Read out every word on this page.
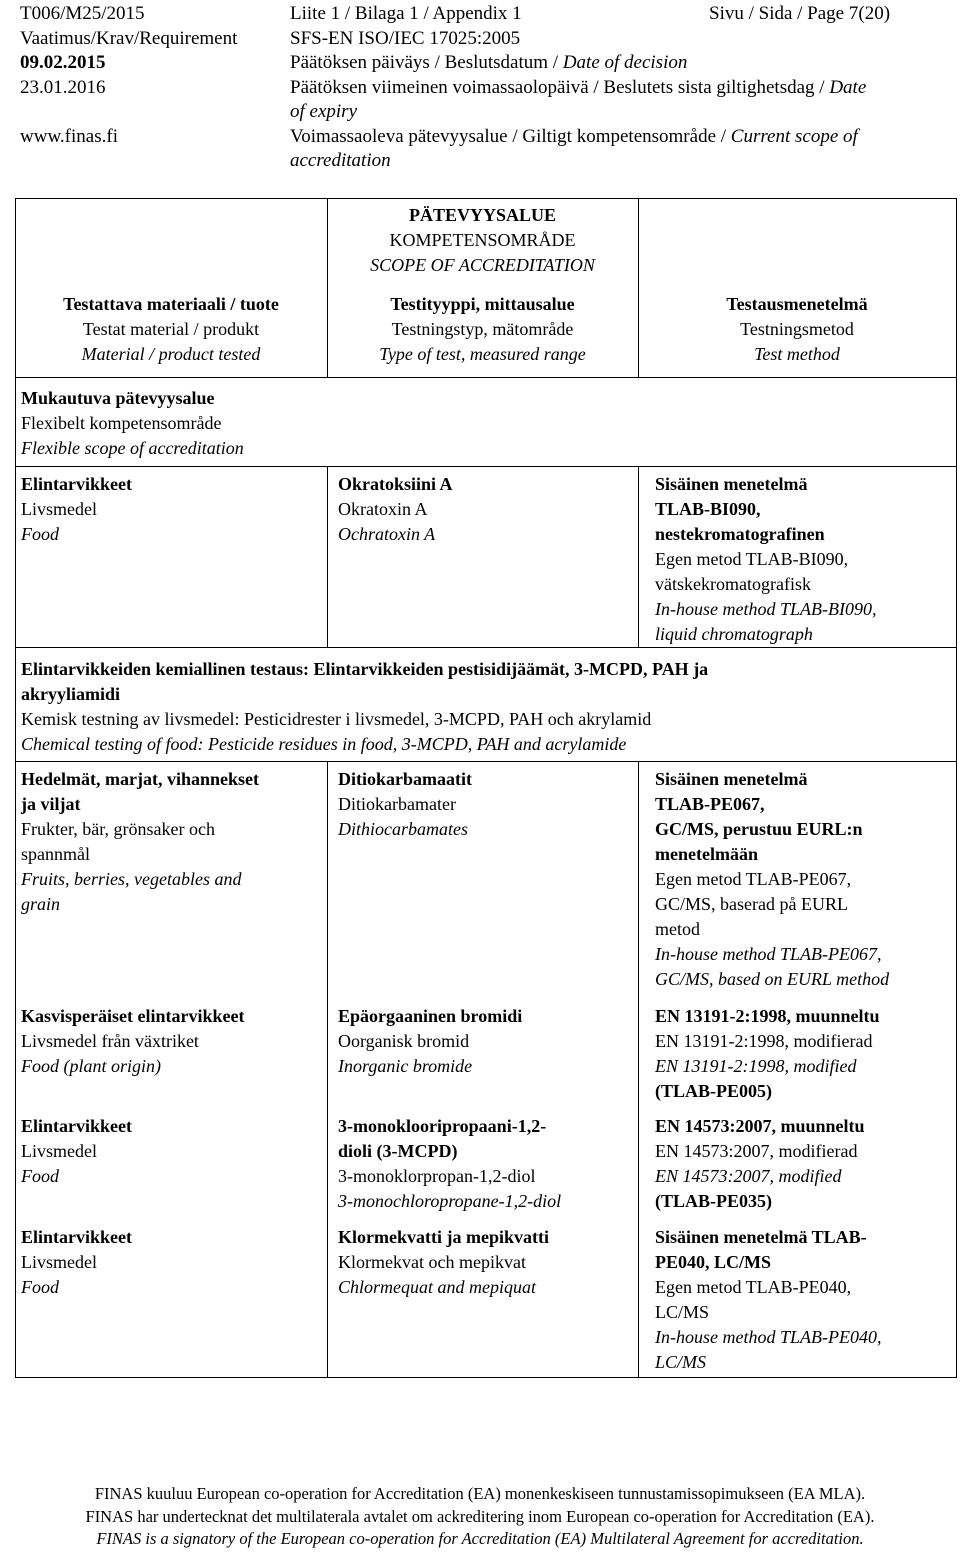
T006/M25/2015
Vaatimus/Krav/Requirement
09.02.2015
23.01.2016

www.finas.fi
Liite 1 / Bilaga 1 / Appendix 1
SFS-EN ISO/IEC 17025:2005
Päätöksen päiväys / Beslutsdatum / Date of decision
Päätöksen viimeinen voimassaolopäivä / Beslutets sista giltighetsdag / Date
of expiry
Voimassaoleva pätevyysalue / Giltigt kompetensområde / Current scope of
accreditation
Sivu / Sida / Page 7(20)
PÄTEVYYSALUE
KOMPETENSOMRÅDE
SCOPE OF ACCREDITATION
Testattava materiaali / tuote
Testat material / produkt
Material / product tested
Testityyppi, mittausalue
Testningstyp, mätområde
Type of test, measured range
Testausmenetelmä
Testningsmetod
Test method
Mukautuva pätevyysalue
Flexibelt kompetensområde
Flexible scope of accreditation
Elintarvikkeet
Livsmedel
Food
Okratoksiini A
Okratoxin A
Ochratoxin A
Sisäinen menetelmä
TLAB-BI090,
nestekromatografinen
Egen metod TLAB-BI090,
vätskekromatografisk
In-house method TLAB-BI090,
liquid chromatograph
Elintarvikkeiden kemiallinen testaus: Elintarvikkeiden pestisidijäämät, 3-MCPD, PAH ja
akryyliamidi
Kemisk testning av livsmedel: Pesticidrester i livsmedel, 3-MCPD, PAH och akrylamid
Chemical testing of food: Pesticide residues in food, 3-MCPD, PAH and acrylamide
Hedelmät, marjat, vihannekset
ja viljat
Frukter, bär, grönsaker och
spannmål
Fruits, berries, vegetables and
grain
Ditiokarbamaatit
Ditiokarbamater
Dithiocarbamates
Sisäinen menetelmä
TLAB-PE067,
GC/MS, perustuu EURL:n
menetelmään
Egen metod TLAB-PE067,
GC/MS, baserad på EURL
metod
In-house method TLAB-PE067,
GC/MS, based on EURL method
Kasvisperäiset elintarvikkeet
Livsmedel från växtriket
Food (plant origin)
Epäorgaaninen bromidi
Oorganisk bromid
Inorganic bromide
EN 13191-2:1998, muunneltu
EN 13191-2:1998, modifierad
EN 13191-2:1998, modified
(TLAB-PE005)
Elintarvikkeet
Livsmedel
Food
3-monoklooripropaani-1,2-
dioli (3-MCPD)
3-monoklorpropan-1,2-diol
3-monochloropropane-1,2-diol
EN 14573:2007, muunneltu
EN 14573:2007, modifierad
EN 14573:2007, modified
(TLAB-PE035)
Elintarvikkeet
Livsmedel
Food
Klormekvatti ja mepikvatti
Klormekvat och mepikvat
Chlormequat and mepiquat
Sisäinen menetelmä TLAB-
PE040, LC/MS
Egen metod TLAB-PE040,
LC/MS
In-house method TLAB-PE040,
LC/MS
FINAS kuuluu European co-operation for Accreditation (EA) monenkeskiseen tunnustamissopimukseen (EA MLA).
FINAS har undertecknat det multilaterala avtalet om ackreditering inom European co-operation for Accreditation (EA).
FINAS is a signatory of the European co-operation for Accreditation (EA) Multilateral Agreement for accreditation.
